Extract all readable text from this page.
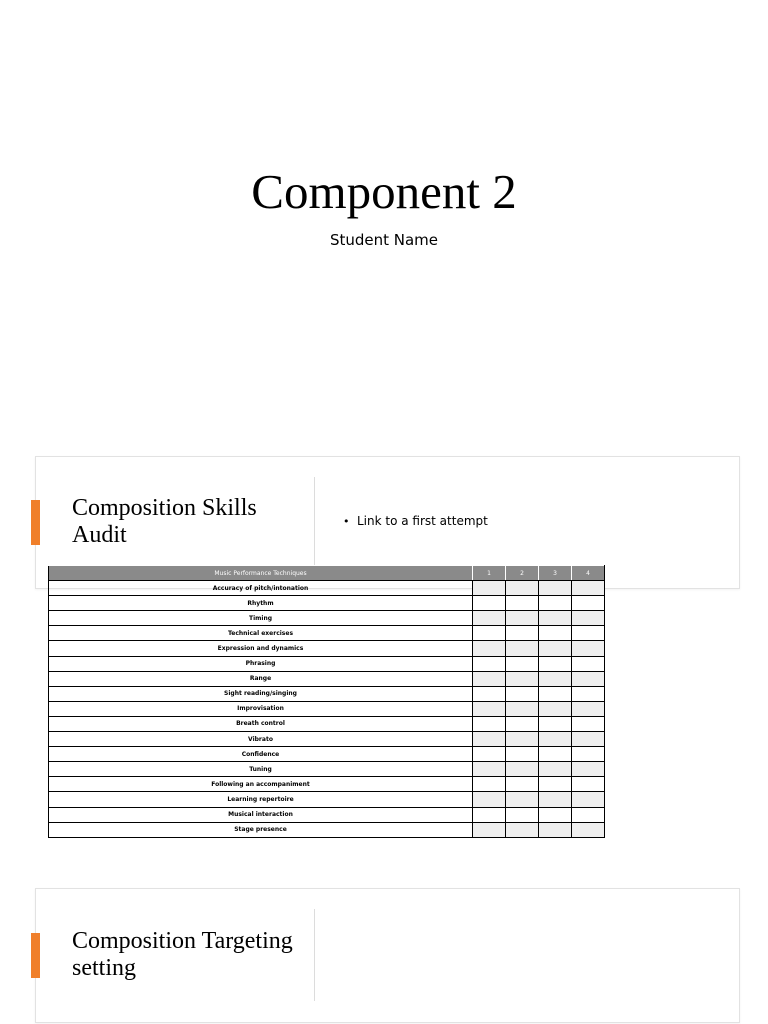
Component 2
Student Name
Composition Skills Audit
• Link to a first attempt
Music Performance Techniques	1	2	3	4
Accuracy of pitch/intonation				
Rhythm				
Timing				
Technical exercises				
Expression and dynamics				
Phrasing				
Range				
Sight reading/singing				
Improvisation				
Breath control				
Vibrato				
Confidence				
Tuning				
Following an accompaniment				
Learning repertoire				
Musical interaction				
Stage presence				
Composition Targeting setting
